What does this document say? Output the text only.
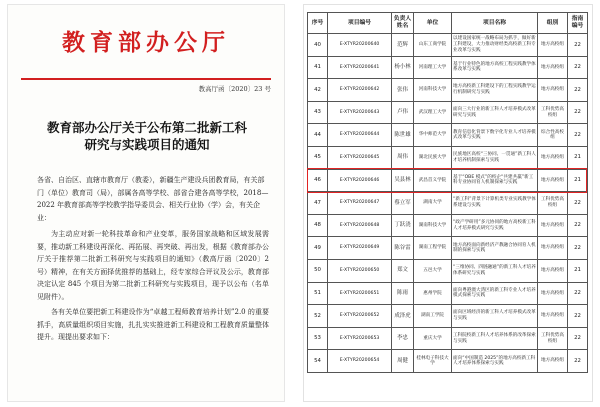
教育部办公厅
教高厅函〔2020〕23 号
教育部办公厅关于公布第二批新工科
研究与实践项目的通知

各省、自治区、直辖市教育厅（教委），新疆生产建设兵团教育局，有关部门（单位）教育司（局），部属各高等学校、部省合建各高等学校，2018—2022 年教育部高等学校教学指导委员会、相关行业协（学）会，有关企业：

为主动应对新一轮科技革命和产业变革，服务国家战略和区域发展需要，推动新工科建设再深化、再拓展、再突破、再出发，根据《教育部办公厅关于推荐第二批新工科研究与实践项目的通知》（教高厅函〔2020〕2 号）精神，在有关方面择优推荐的基础上，经专家综合评议及公示，教育部决定认定 845 个项目为第二批新工科研究与实践项目，现予以公布（名单见附件）。

各有关单位要把新工科建设作为“卓越工程师教育培养计划”2.0 的重要抓手，高质量组织项目实施，扎扎实实推进新工科建设和工程教育质量整体提升。现提出要求如下：

序号	项目编号	负责人姓名	单位	项目名称	组别	指南编号
40	E-XTYR20200640	范辉	山东工商学院	以建设国家统一战略布局为抓手，做好新工科建设，大力推动财经类高校新工科专业改革与实践	地方高校组	22
41	E-XTYR20200641	杨小林	河南理工大学	基于行业特色的地方高校工程实践教学体系改革与实践	地方高校组	22
42	E-XTYR20200642	张伟	河南科技大学	地方高校新工科建设下的工程实践教学运行机制研究与实践	地方高校组	22
43	E-XTYR20200643	卢伟	武汉理工大学	面向三大行业的新工科人才培养模式改革研究与实践	工科优势高校组	22
44	E-XTYR20200644	陈世雄	华中师范大学	教育信息化背景下数字化专业人才培养模式改革与实践	综合性高校组	22
45	E-XTYR20200645	周伟	湖北民族大学	民族地区高校“三协同、一贯通”新工科人才培养机制探索与实践	地方高校组	21
46	E-XTYR20200646	吴县林	武昌首义学院	基于“OBE 模式”的校企“共建共赢”新工科专业协同育人机制探索与实践	地方高校组	21
47	E-XTYR20200647	蔡立军	湖南大学	“新工科”背景下计算机类专业实践教学体系建设与实践	工科优势高校组	22
48	E-XTYR20200648	丁跃浇	湖南科技大学	“政产学研用”多元协同的地方高校新工科人才培养模式研究与实践	地方高校组	22
49	E-XTYR20200649	陈谷雷	湖南工程学院	地方高校面向新经济产教融合协同育人机制的探索与实践	地方高校组	22
50	E-XTYR20200650	郑文	五邑大学	“三维协同、四链融通”的新工科人才培养体系研究与实践	地方高校组	21
51	E-XTYR20200651	陈雨	惠州学院	面向粤港澳大湾区的新工科专业人才培养模式探索与实践	地方高校组	22
52	E-XTYR20200652	成泽虎	湖南工学院	面向区域经济的新工科人才培养模式改革与实践	地方高校组	22
53	E-XTYR20200653	李忠	重庆大学	工科院校新工科人才培养体系的改革探索与实践	工科优势高校组	22
54	E-XTYR20200654	周健	桂林电子科技大学	面向“中国制造 2025”的地方高校新工科人才培养体系探索与实践	地方高校组	22
